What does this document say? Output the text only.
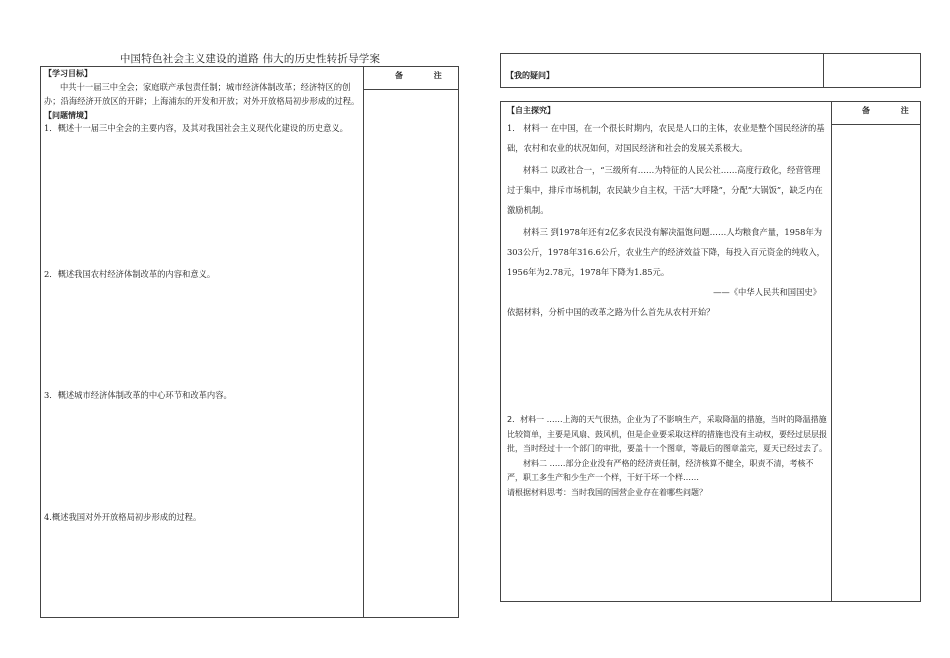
中国特色社会主义建设的道路 伟大的历史性转折导学案
备 注
【学习目标】

中共十一届三中全会；家庭联产承包责任制；城市经济体制改革；经济特区的创办；沿海经济开放区的开辟；上海浦东的开发和开放；对外开放格局初步形成的过程。

【问题情境】

1．概述十一届三中全会的主要内容，及其对我国社会主义现代化建设的历史意义。

2．概述我国农村经济体制改革的内容和意义。

3．概述城市经济体制改革的中心环节和改革内容。

4.概述我国对外开放格局初步形成的过程。

【我的疑问】
备 注
【自主探究】

1． 材料一 在中国，在一个很长时期内，农民是人口的主体，农业是整个国民经济的基础，农村和农业的状况如何，对国民经济和社会的发展关系极大。

材料二 以政社合一，“三级所有……为特征的人民公社……高度行政化，经营管理过于集中，排斥市场机制，农民缺少自主权，干活“大呼隆”，分配“大锅饭”，缺乏内在激励机制。

材料三 到1978年还有2亿多农民没有解决温饱问题……人均粮食产量，1958年为303公斤，1978年316.6公斤，农业生产的经济效益下降，每投入百元资金的纯收入，1956年为2.78元，1978年下降为1.85元。

——《中华人民共和国国史》

依据材料，分析中国的改革之路为什么首先从农村开始？

2．材料一 ……上海的天气很热，企业为了不影响生产，采取降温的措施，当时的降温措施比较简单，主要是风扇、鼓风机，但是企业要采取这样的措施也没有主动权，要经过层层报批，当时经过十一个部门的审批，要盖十一个图章，等最后的图章盖完，夏天已经过去了。

材料二 ……部分企业没有严格的经济责任制，经济核算不健全，职责不清，考核不严，职工多生产和少生产一个样，干好干坏一个样……

请根据材料思考：当时我国的国营企业存在着哪些问题？
